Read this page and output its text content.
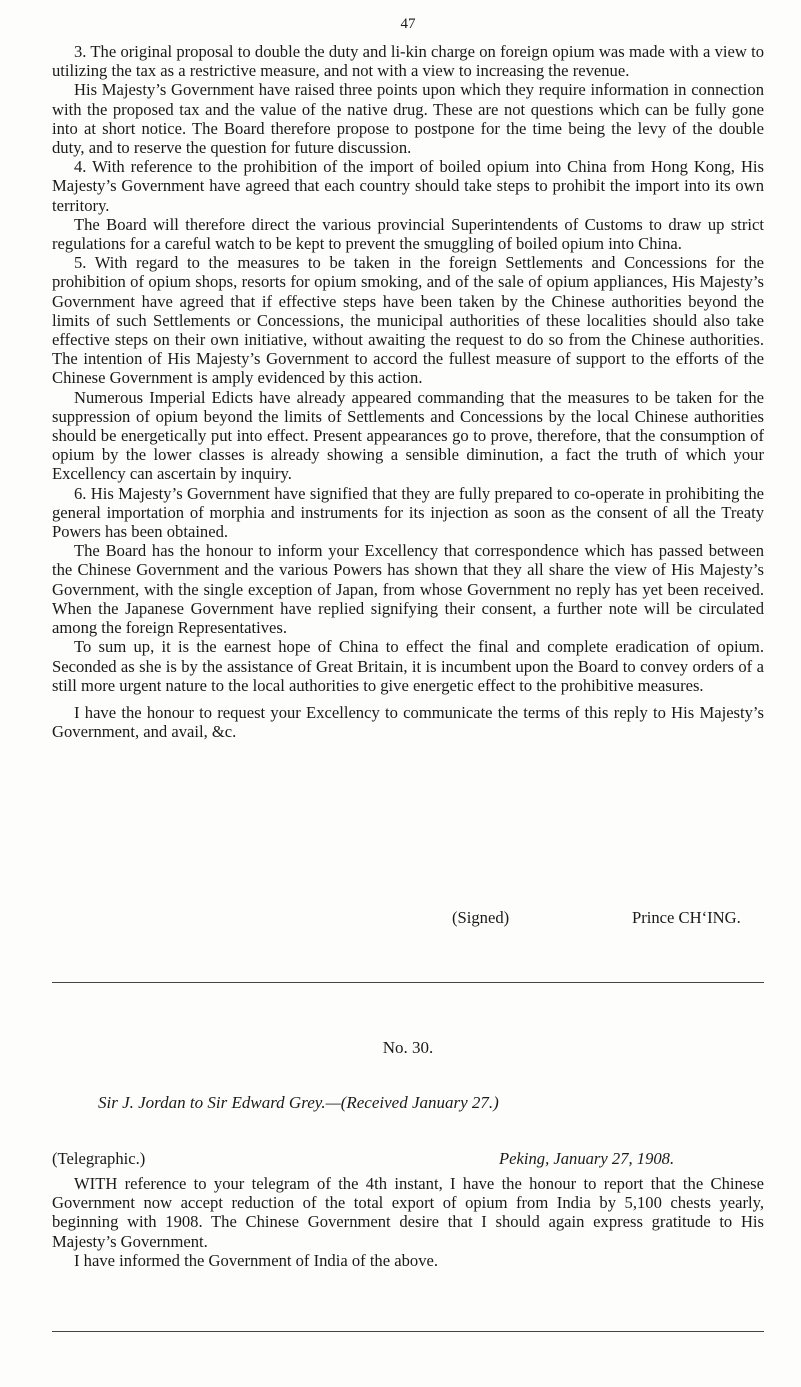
47

3. The original proposal to double the duty and li-kin charge on foreign opium was made with a view to utilizing the tax as a restrictive measure, and not with a view to increasing the revenue.

His Majesty’s Government have raised three points upon which they require information in connection with the proposed tax and the value of the native drug. These are not questions which can be fully gone into at short notice. The Board therefore propose to postpone for the time being the levy of the double duty, and to reserve the question for future discussion.

4. With reference to the prohibition of the import of boiled opium into China from Hong Kong, His Majesty’s Government have agreed that each country should take steps to prohibit the import into its own territory.

The Board will therefore direct the various provincial Superintendents of Customs to draw up strict regulations for a careful watch to be kept to prevent the smuggling of boiled opium into China.

5. With regard to the measures to be taken in the foreign Settlements and Concessions for the prohibition of opium shops, resorts for opium smoking, and of the sale of opium appliances, His Majesty’s Government have agreed that if effective steps have been taken by the Chinese authorities beyond the limits of such Settlements or Concessions, the municipal authorities of these localities should also take effective steps on their own initiative, without awaiting the request to do so from the Chinese authorities. The intention of His Majesty’s Government to accord the fullest measure of support to the efforts of the Chinese Government is amply evidenced by this action.

Numerous Imperial Edicts have already appeared commanding that the measures to be taken for the suppression of opium beyond the limits of Settlements and Concessions by the local Chinese authorities should be energetically put into effect. Present appearances go to prove, therefore, that the consumption of opium by the lower classes is already showing a sensible diminution, a fact the truth of which your Excellency can ascertain by inquiry.

6. His Majesty’s Government have signified that they are fully prepared to co-operate in prohibiting the general importation of morphia and instruments for its injection as soon as the consent of all the Treaty Powers has been obtained.

The Board has the honour to inform your Excellency that correspondence which has passed between the Chinese Government and the various Powers has shown that they all share the view of His Majesty’s Government, with the single exception of Japan, from whose Government no reply has yet been received. When the Japanese Government have replied signifying their consent, a further note will be circulated among the foreign Representatives.

To sum up, it is the earnest hope of China to effect the final and complete eradication of opium. Seconded as she is by the assistance of Great Britain, it is incumbent upon the Board to convey orders of a still more urgent nature to the local authorities to give energetic effect to the prohibitive measures.

I have the honour to request your Excellency to communicate the terms of this reply to His Majesty’s Government, and avail, &c.

(Signed)	Prince CH‘ING.
No. 30.
Sir J. Jordan to Sir Edward Grey.—(Received January 27.)
(Telegraphic.)	Peking, January 27, 1908.

WITH reference to your telegram of the 4th instant, I have the honour to report that the Chinese Government now accept reduction of the total export of opium from India by 5,100 chests yearly, beginning with 1908. The Chinese Government desire that I should again express gratitude to His Majesty’s Government.

I have informed the Government of India of the above.
